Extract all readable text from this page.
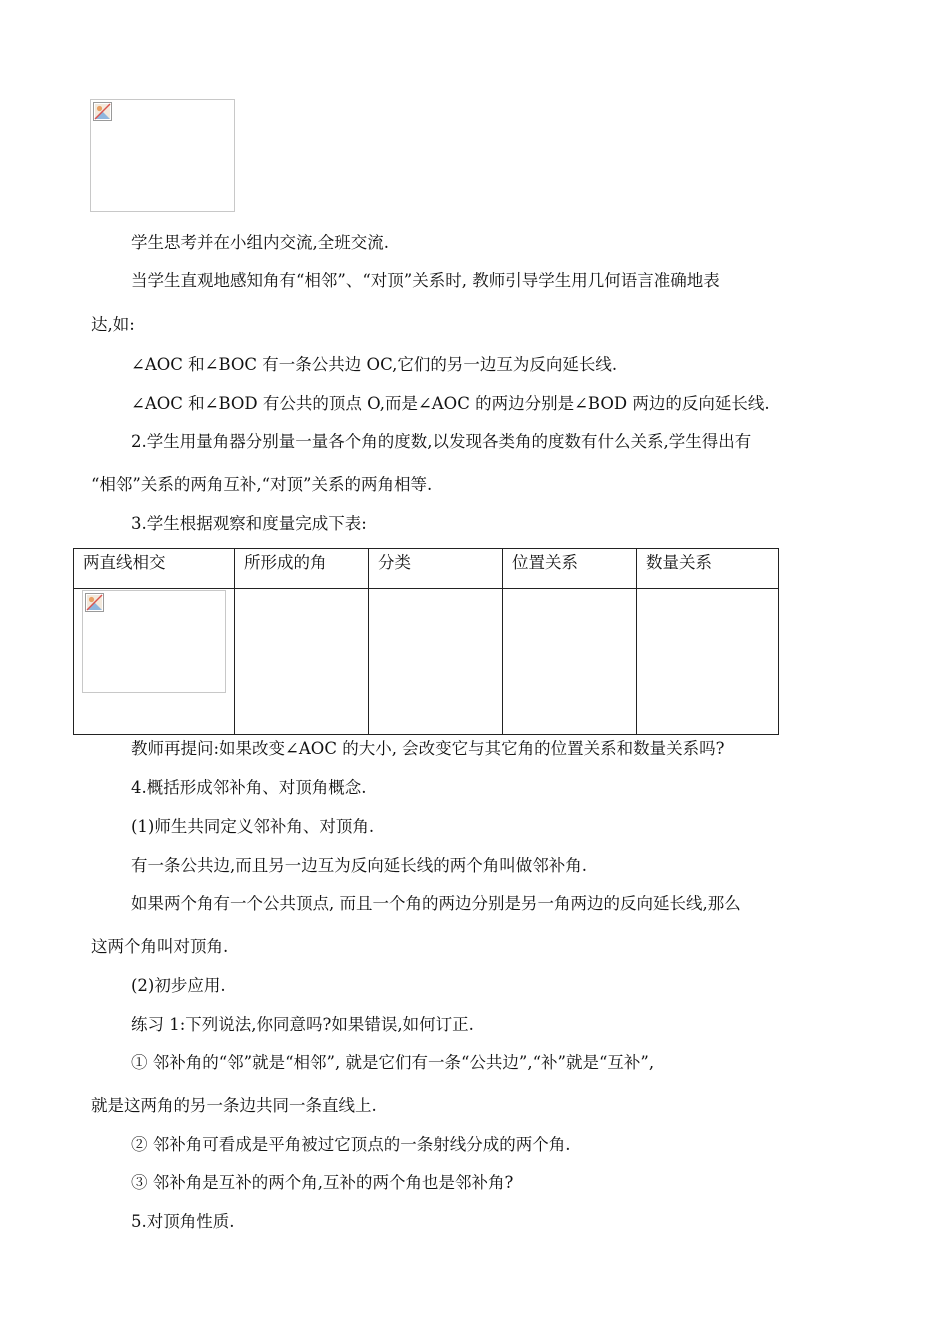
学生思考并在小组内交流,全班交流.
当学生直观地感知角有“相邻”、“对顶”关系时, 教师引导学生用几何语言准确地表
达,如:
∠AOC 和∠BOC 有一条公共边 OC,它们的另一边互为反向延长线.
∠AOC 和∠BOD 有公共的顶点 O,而是∠AOC 的两边分别是∠BOD 两边的反向延长线.
2.学生用量角器分别量一量各个角的度数,以发现各类角的度数有什么关系,学生得出有
“相邻”关系的两角互补,“对顶”关系的两角相等.
3.学生根据观察和度量完成下表:
两直线相交	所形成的角	分类	位置关系	数量关系

教师再提问:如果改变∠AOC 的大小, 会改变它与其它角的位置关系和数量关系吗?
4.概括形成邻补角、对顶角概念.
(1)师生共同定义邻补角、对顶角.
有一条公共边,而且另一边互为反向延长线的两个角叫做邻补角.
如果两个角有一个公共顶点, 而且一个角的两边分别是另一角两边的反向延长线,那么
这两个角叫对顶角.
(2)初步应用.
练习 1:下列说法,你同意吗?如果错误,如何订正.
① 邻补角的“邻”就是“相邻”, 就是它们有一条“公共边”,“补”就是“互补”,
就是这两角的另一条边共同一条直线上.
② 邻补角可看成是平角被过它顶点的一条射线分成的两个角.
③ 邻补角是互补的两个角,互补的两个角也是邻补角?
5.对顶角性质.
